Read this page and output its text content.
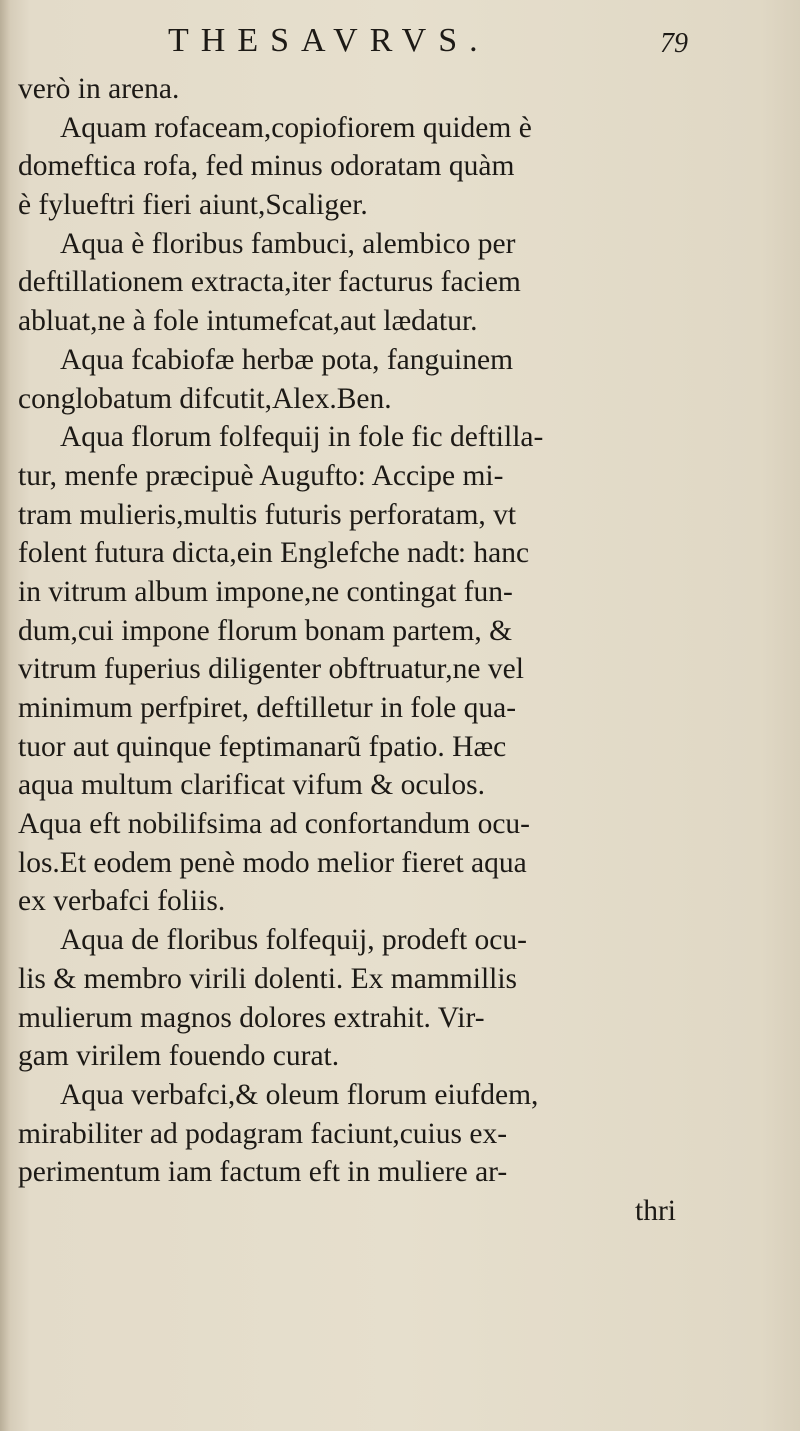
THESAVRVS.	79
verò in arena.
Aquam rofaceam,copiofiorem quidem è
domeftica rofa, fed minus odoratam quàm
è fylueftri fieri aiunt,Scaliger.
Aqua è floribus fambuci, alembico per
deftillationem extracta,iter facturus faciem
abluat,ne à fole intumefcat,aut lædatur.
Aqua fcabiofæ herbæ pota, fanguinem
conglobatum difcutit,Alex.Ben.
Aqua florum folfequij in fole fic deftilla-
tur, menfe præcipuè Augufto: Accipe mi-
tram mulieris,multis futuris perforatam, vt
folent futura dicta,ein Englefche nadt: hanc
in vitrum album impone,ne contingat fun-
dum,cui impone florum bonam partem, &
vitrum fuperius diligenter obftruatur,ne vel
minimum perfpiret, deftilletur in fole qua-
tuor aut quinque feptimanarũ fpatio. Hæc
aqua multum clarificat vifum & oculos.
Aqua eft nobilifsima ad confortandum ocu-
los.Et eodem penè modo melior fieret aqua
ex verbafci foliis.
Aqua de floribus folfequij, prodeft ocu-
lis & membro virili dolenti. Ex mammillis
mulierum magnos dolores extrahit. Vir-
gam virilem fouendo curat.
Aqua verbafci,& oleum florum eiufdem,
mirabiliter ad podagram faciunt,cuius ex-
perimentum iam factum eft in muliere ar-
thri
